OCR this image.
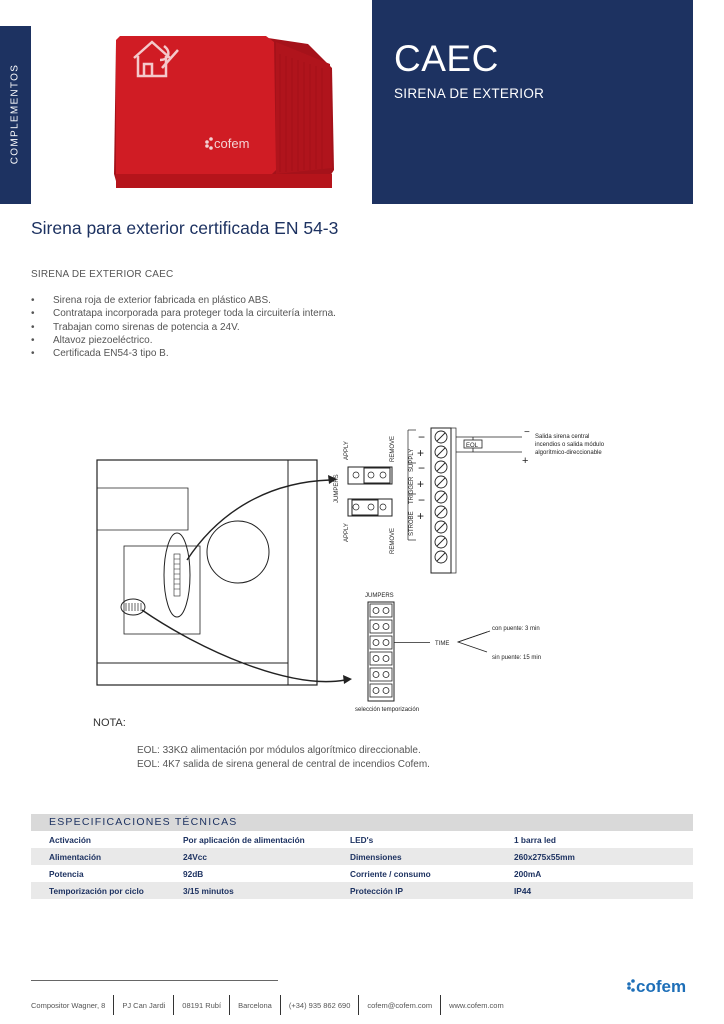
COMPLEMENTOS	cofem
CAEC
SIRENA DE EXTERIOR
Sirena para exterior certificada EN 54-3
SIRENA DE EXTERIOR CAEC
• Sirena roja de exterior fabricada en plástico ABS.
• Contratapa incorporada para proteger toda la circuitería interna.
• Trabajan como sirenas de potencia a 24V.
• Altavoz piezoeléctrico.
• Certificada EN54-3 tipo B.
APPLY	REMOVE
JUMPERS
APPLY	REMOVE
SUPPLY
TRIGGER
STROBE
−
+
−
+
−
+
EOL
−
+
Salida sirena central
incendios o salida módulo
algorítmico-direccionable
JUMPERS
TIME
con puente: 3 min
sin puente: 15 min
selección temporización
NOTA:
EOL: 33KΩ alimentación por módulos algorítmico direccionable.
EOL: 4K7 salida de sirena general de central de incendios Cofem.
ESPECIFICACIONES TÉCNICAS
Activación	Por aplicación de alimentación	LED's	1 barra led
Alimentación	24Vcc	Dimensiones	260x275x55mm
Potencia	92dB	Corriente / consumo	200mA
Temporización por ciclo	3/15 minutos	Protección IP	IP44
Compositor Wagner, 8 PJ Can Jardi 08191 Rubí Barcelona (+34) 935 862 690 cofem@cofem.com www.cofem.com
cofem
